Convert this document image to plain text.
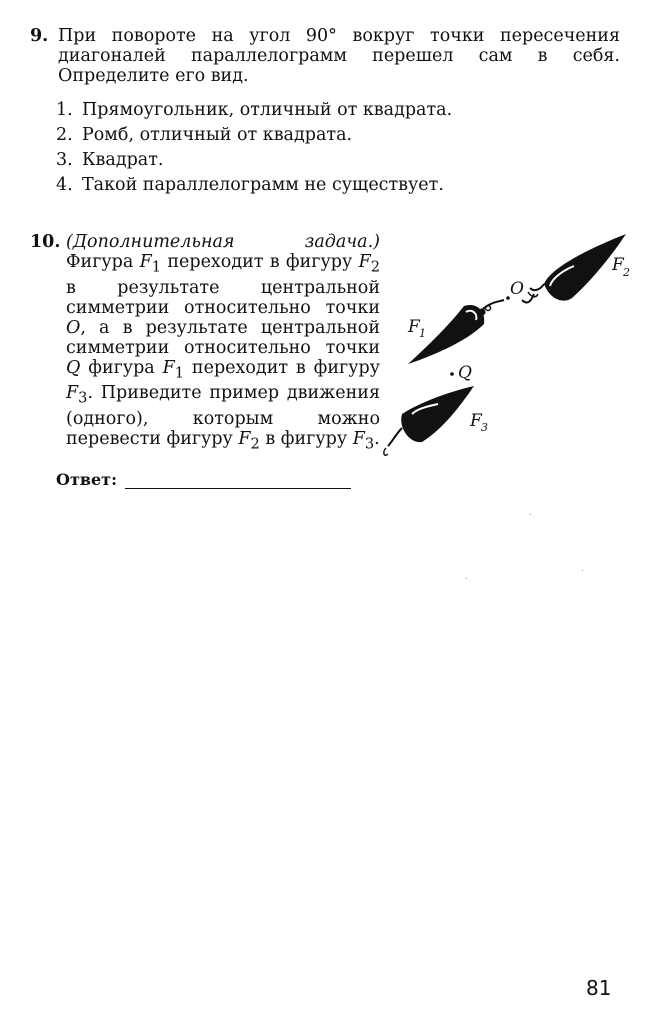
9. При повороте на угол 90° вокруг точки пересечения диагоналей параллелограмм перешел сам в себя. Определите его вид.
1. Прямоугольник, отличный от квадрата.
2. Ромб, отличный от квадрата.
3. Квадрат.
4. Такой параллелограмм не существует.
10. (Дополнительная задача.) Фигура $F_1$ переходит в фигуру $F_2$ в результате центральной симметрии относительно точки O, а в результате центральной симметрии относительно точки Q фигура $F_1$ переходит в фигуру $F_3$. Приведите пример движения (одного), которым можно перевести фигуру $F_2$ в фигуру $F_3$.
Ответ:
O
Q
F 2
F 1
F 3
81
